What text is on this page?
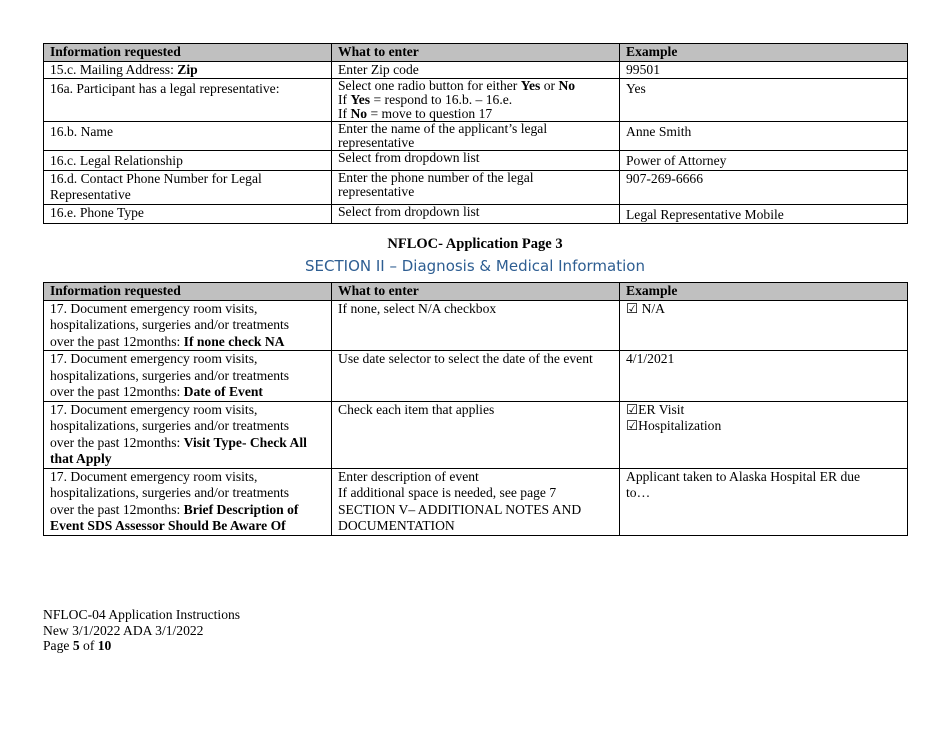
Information requested	What to enter	Example
15.c. Mailing Address: Zip	Enter Zip code	99501
16a. Participant has a legal representative:	Select one radio button for either Yes or No
If Yes = respond to 16.b. – 16.e.
If No = move to question 17	Yes
16.b. Name	Enter the name of the applicant’s legal
representative	Anne Smith
16.c. Legal Relationship	Select from dropdown list	Power of Attorney

16.d. Contact Phone Number for Legal
Representative	Enter the phone number of the legal
representative	907-269-6666
16.e. Phone Type	Select from dropdown list	Legal Representative Mobile
NFLOC- Application Page 3
SECTION II – Diagnosis & Medical Information
Information requested	What to enter	Example

17. Document emergency room visits,
hospitalizations, surgeries and/or treatments
over the past 12months: If none check NA	If none, select N/A checkbox	☑ N/A

17. Document emergency room visits,
hospitalizations, surgeries and/or treatments
over the past 12months: Date of Event	Use date selector to select the date of the event	4/1/2021

17. Document emergency room visits,
hospitalizations, surgeries and/or treatments
over the past 12months: Visit Type- Check All
that Apply	Check each item that applies	☑ER Visit
☑Hospitalization

17. Document emergency room visits,
hospitalizations, surgeries and/or treatments
over the past 12months: Brief Description of
Event SDS Assessor Should Be Aware Of	Enter description of event
If additional space is needed, see page 7
SECTION V– ADDITIONAL NOTES AND
DOCUMENTATION	Applicant taken to Alaska Hospital ER due
to…
NFLOC-04 Application Instructions
New 3/1/2022 ADA 3/1/2022
Page 5 of 10
